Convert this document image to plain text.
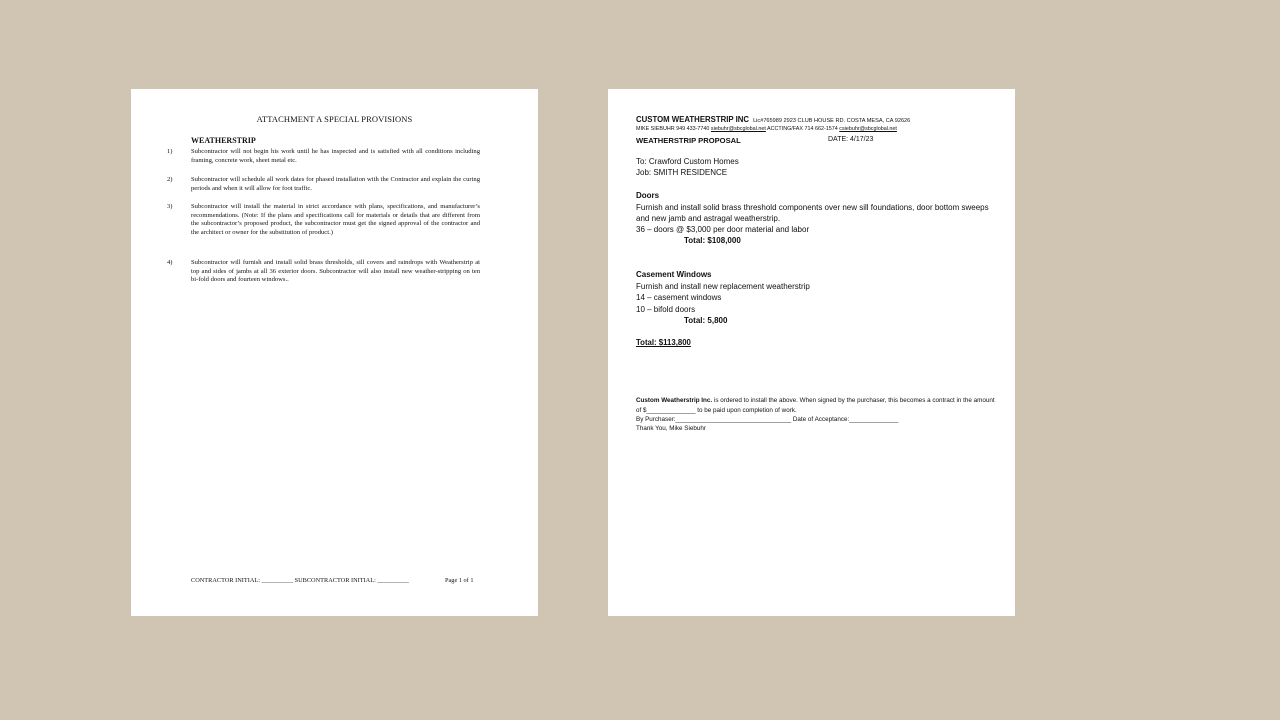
ATTACHMENT A SPECIAL PROVISIONS
WEATHERSTRIP
1)	Subcontractor will not begin his work until he has inspected and is satisfied with all conditions including framing, concrete work, sheet metal etc.
2)	Subcontractor will schedule all work dates for phased installation with the Contractor and explain the curing periods and when it will allow for foot traffic.
3)	Subcontractor will install the material in strict accordance with plans, specifications, and manufacturer’s recommendations. (Note: If the plans and specifications call for materials or details that are different from the subcontractor’s proposed product, the subcontractor must get the signed approval of the contractor and the architect or owner for the substitution of product.)
4)	Subcontractor will furnish and install solid brass thresholds, sill covers and raindrops with Weatherstrip at top and sides of jambs at all 36 exterior doors. Subcontractor will also install new weather-stripping on ten bi-fold doors and fourteen windows..
CONTRACTOR INITIAL: __________ SUBCONTRACTOR INITIAL: __________	Page 1 of 1
CUSTOM WEATHERSTRIP INC Lic#765989 2923 CLUB HOUSE RD. COSTA MESA, CA 92626
MIKE SIEBUHR 949 433-7740 siebuhr@sbcglobal.net ACCTING/FAX 714 662-1574 csiebuhr@sbcglobal.net
WEATHERSTRIP PROPOSAL	DATE: 4/17/23
To: Crawford Custom Homes
Job: SMITH RESIDENCE
Doors
Furnish and install solid brass threshold components over new sill foundations, door bottom sweeps and new jamb and astragal weatherstrip.
36 – doors @ $3,000 per door material and labor
Total: $108,000
Casement Windows
Furnish and install new replacement weatherstrip
14 – casement windows
10 – bifold doors
Total: 5,800
Total: $113,800
Custom Weatherstrip Inc. is ordered to install the above. When signed by the purchaser, this becomes a contract in the amount of $______________ to be paid upon completion of work.
By Purchaser:_________________________________ Date of Acceptance:______________
Thank You, Mike Siebuhr
